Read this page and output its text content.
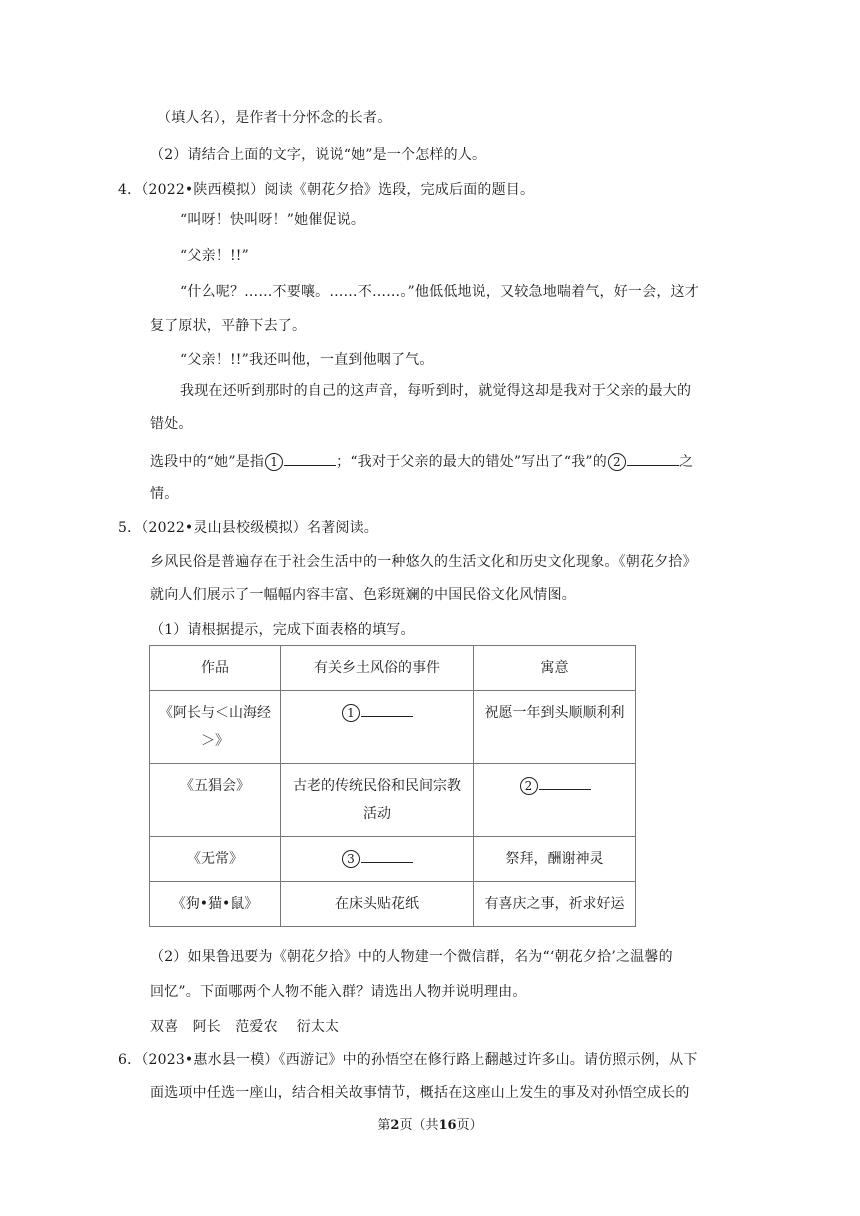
（填人名），是作者十分怀念的长者。
（2）请结合上面的文字，说说“她”是一个怎样的人。
4．（2022•陕西模拟）阅读《朝花夕拾》选段，完成后面的题目。
“叫呀！快叫呀！”她催促说。
“父亲！!!”
“什么呢？……不要嚷。……不……。”他低低地说，又较急地喘着气，好一会，这才
复了原状，平静下去了。
“父亲！!!”我还叫他，一直到他咽了气。
我现在还听到那时的自己的这声音，每听到时，就觉得这却是我对于父亲的最大的
错处。
选段中的“她”是指 1	；“我对于父亲的最大的错处”写出了“我”的 2	之
情。
5．（2022•灵山县校级模拟）名著阅读。
乡风民俗是普遍存在于社会生活中的一种悠久的生活文化和历史文化现象。《朝花夕拾》
就向人们展示了一幅幅内容丰富、色彩斑斓的中国民俗文化风情图。
（1）请根据提示，完成下面表格的填写。
作品	有关乡土风俗的事件	寓意
《阿长与＜山海经＞》	1	祝愿一年到头顺顺利利
《五猖会》	古老的传统民俗和民间宗教活动	2
《无常》	3	祭拜，酬谢神灵
《狗•猫•鼠》	在床头贴花纸	有喜庆之事，祈求好运
（2）如果鲁迅要为《朝花夕拾》中的人物建一个微信群，名为“‘朝花夕拾’之温馨的
回忆”。下面哪两个人物不能入群？请选出人物并说明理由。
双喜　阿长　范爱农　 衍太太
6．（2023•惠水县一模）《西游记》中的孙悟空在修行路上翻越过许多山。请仿照示例，从下
面选项中任选一座山，结合相关故事情节，概括在这座山上发生的事及对孙悟空成长的
第2页（共16页）
